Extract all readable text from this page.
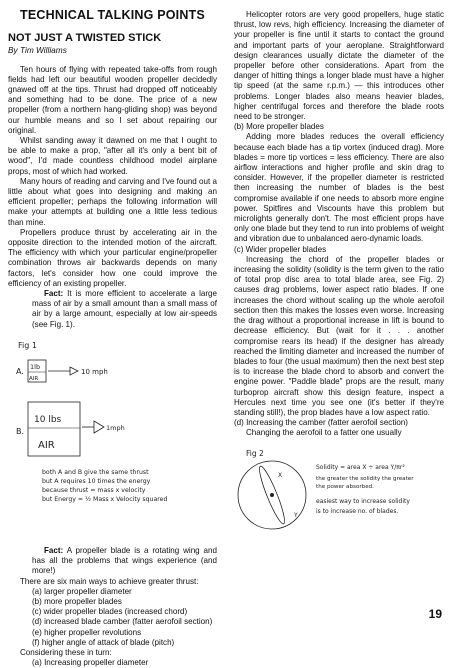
TECHNICAL TALKING POINTS
NOT JUST A TWISTED STICK
By Tim Williams

Ten hours of flying with repeated take-offs from rough fields had left our beautiful wooden propeller decidedly gnawed off at the tips. Thrust had dropped off noticeably and something had to be done. The price of a new propeller (from a northern hang-gliding shop) was beyond our humble means and so I set about repairing our original.

Whilst sanding away it dawned on me that I ought to be able to make a prop, "after all it's only a bent bit of wood", I'd made countless childhood model airplane props, most of which had worked.

Many hours of reading and carving and I've found out a little about what goes into designing and making an efficient propeller; perhaps the following information will make your attempts at building one a little less tedious than mine.

Propellers produce thrust by accelerating air in the opposite direction to the intended motion of the aircraft. The efficiency with which your particular engine/propeller combination throws air backwards depends on many factors, let's consider how one could improve the efficiency of an existing propeller.

Fact: It is more efficient to accelerate a large mass of air by a small amount than a small mass of air by a large amount, especially at low air-speeds (see Fig. 1).

Fig 1
A. 1lb
AIR
10 mph
B.
10 lbs
AIR
1mph
both A and B give the same thrust
but A requires 10 times the energy
because thrust = mass x velocity
but Energy = ½ Mass x Velocity squared

Fact: A propeller blade is a rotating wing and has all the problems that wings experience (and more!)

There are six main ways to achieve greater thrust:

(a) larger propeller diameter

(b) more propeller blades

(c) wider propeller blades (increased chord)

(d) increased blade camber (fatter aerofoil section)

(e) higher propeller revolutions

(f) higher angle of attack of blade (pitch)

Considering these in turn:

(a) Increasing propeller diameter

Helicopter rotors are very good propellers, huge static thrust, low revs, high efficiency. Increasing the diameter of your propeller is fine until it starts to contact the ground and important parts of your aeroplane. Straightforward design clearances usually dictate the diameter of the propeller before other considerations. Apart from the danger of hitting things a longer blade must have a higher tip speed (at the same r.p.m.) — this introduces other problems. Longer blades also means heavier blades, higher centrifugal forces and therefore the blade roots need to be stronger.

(b) More propeller blades

Adding more blades reduces the overall efficiency because each blade has a tip vortex (induced drag). More blades = more tip vortices = less efficiency. There are also airflow interactions and higher profile and skin drag to consider. However, if the propeller diameter is restricted then increasing the number of blades is the best compromise available if one needs to absorb more engine power. Spitfires and Viscounts have this problem but microlights generally don't. The most efficient props have only one blade but they tend to run into problems of weight and vibration due to unbalanced aero-dynamic loads.

(c) Wider propeller blades

Increasing the chord of the propeller blades or increasing the solidity (solidity is the term given to the ratio of total prop disc area to total blade area, see Fig. 2) causes drag problems, lower aspect ratio blades. If one increases the chord without scaling up the whole aerofoil section then this makes the losses even worse. Increasing the drag without a proportional increase in lift is bound to decrease efficiency. But (wait for it . . . another compromise rears its head) if the designer has already reached the limiting diameter and increased the number of blades to four (the usual maximum) then the next best step is to increase the blade chord to absorb and convert the engine power. "Paddle blade" props are the result, many turboprop aircraft show this design feature, inspect a Hercules next time you see one (it's better if they're standing still!), the prop blades have a low aspect ratio.

(d) Increasing the camber (fatter aerofoil section)

Changing the aerofoil to a fatter one usually

Fig 2
X
Y
Solidity = area X ÷ area Y/πr²
the greater the solidity the greater
the power absorbed.
easiest way to increase solidity
is to increase no. of blades.
19
